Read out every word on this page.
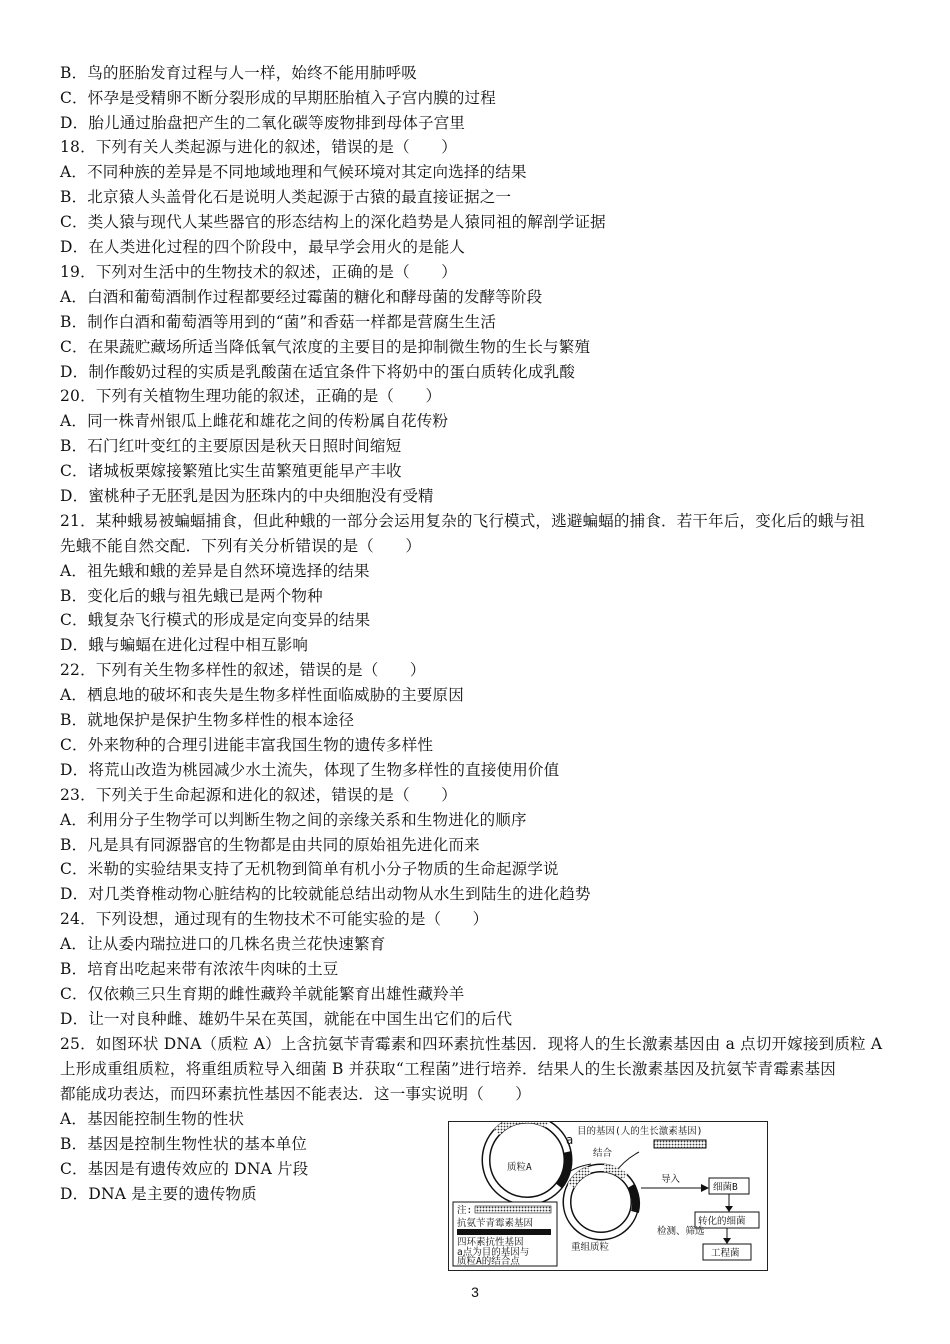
B．鸟的胚胎发育过程与人一样，始终不能用肺呼吸
C．怀孕是受精卵不断分裂形成的早期胚胎植入子宫内膜的过程
D．胎儿通过胎盘把产生的二氧化碳等废物排到母体子宫里
18．下列有关人类起源与进化的叙述，错误的是（　　）
A．不同种族的差异是不同地域地理和气候环境对其定向选择的结果
B．北京猿人头盖骨化石是说明人类起源于古猿的最直接证据之一
C．类人猿与现代人某些器官的形态结构上的深化趋势是人猿同祖的解剖学证据
D．在人类进化过程的四个阶段中，最早学会用火的是能人
19．下列对生活中的生物技术的叙述，正确的是（　　）
A．白酒和葡萄酒制作过程都要经过霉菌的糖化和酵母菌的发酵等阶段
B．制作白酒和葡萄酒等用到的“菌”和香菇一样都是营腐生生活
C．在果蔬贮藏场所适当降低氧气浓度的主要目的是抑制微生物的生长与繁殖
D．制作酸奶过程的实质是乳酸菌在适宜条件下将奶中的蛋白质转化成乳酸
20．下列有关植物生理功能的叙述，正确的是（　　）
A．同一株青州银瓜上雌花和雄花之间的传粉属自花传粉
B．石门红叶变红的主要原因是秋天日照时间缩短
C．诸城板栗嫁接繁殖比实生苗繁殖更能早产丰收
D．蜜桃种子无胚乳是因为胚珠内的中央细胞没有受精
21．某种蛾易被蝙蝠捕食，但此种蛾的一部分会运用复杂的飞行模式，逃避蝙蝠的捕食．若干年后，变化后的蛾与祖
先蛾不能自然交配．下列有关分析错误的是（　　）
A．祖先蛾和蛾的差异是自然环境选择的结果
B．变化后的蛾与祖先蛾已是两个物种
C．蛾复杂飞行模式的形成是定向变异的结果
D．蛾与蝙蝠在进化过程中相互影响
22．下列有关生物多样性的叙述，错误的是（　　）
A．栖息地的破坏和丧失是生物多样性面临威胁的主要原因
B．就地保护是保护生物多样性的根本途径
C．外来物种的合理引进能丰富我国生物的遗传多样性
D．将荒山改造为桃园减少水土流失，体现了生物多样性的直接使用价值
23．下列关于生命起源和进化的叙述，错误的是（　　）
A．利用分子生物学可以判断生物之间的亲缘关系和生物进化的顺序
B．凡是具有同源器官的生物都是由共同的原始祖先进化而来
C．米勒的实验结果支持了无机物到简单有机小分子物质的生命起源学说
D．对几类脊椎动物心脏结构的比较就能总结出动物从水生到陆生的进化趋势
24．下列设想，通过现有的生物技术不可能实验的是（　　）
A．让从委内瑞拉进口的几株名贵兰花快速繁育
B．培育出吃起来带有浓浓牛肉味的土豆
C．仅依赖三只生育期的雌性藏羚羊就能繁育出雄性藏羚羊
D．让一对良种雌、雄奶牛呆在英国，就能在中国生出它们的后代
25．如图环状 DNA（质粒 A）上含抗氨苄青霉素和四环素抗性基因．现将人的生长激素基因由 a 点切开嫁接到质粒 A
上形成重组质粒，将重组质粒导入细菌 B 并获取“工程菌”进行培养．结果人的生长激素基因及抗氨苄青霉素基因
都能成功表达，而四环素抗性基因不能表达．这一事实说明（　　）
A．基因能控制生物的性状
B．基因是控制生物性状的基本单位
C．基因是有遗传效应的 DNA 片段
D．DNA 是主要的遗传物质
质粒A
a
目的基因(人的生长激素基因)
结合
重组质粒
导入
细菌B
转化的细菌
检测、筛选
工程菌
注:
抗氨苄青霉素基因
四环素抗性基因
a点为目的基因与
质粒A的结合点
3
